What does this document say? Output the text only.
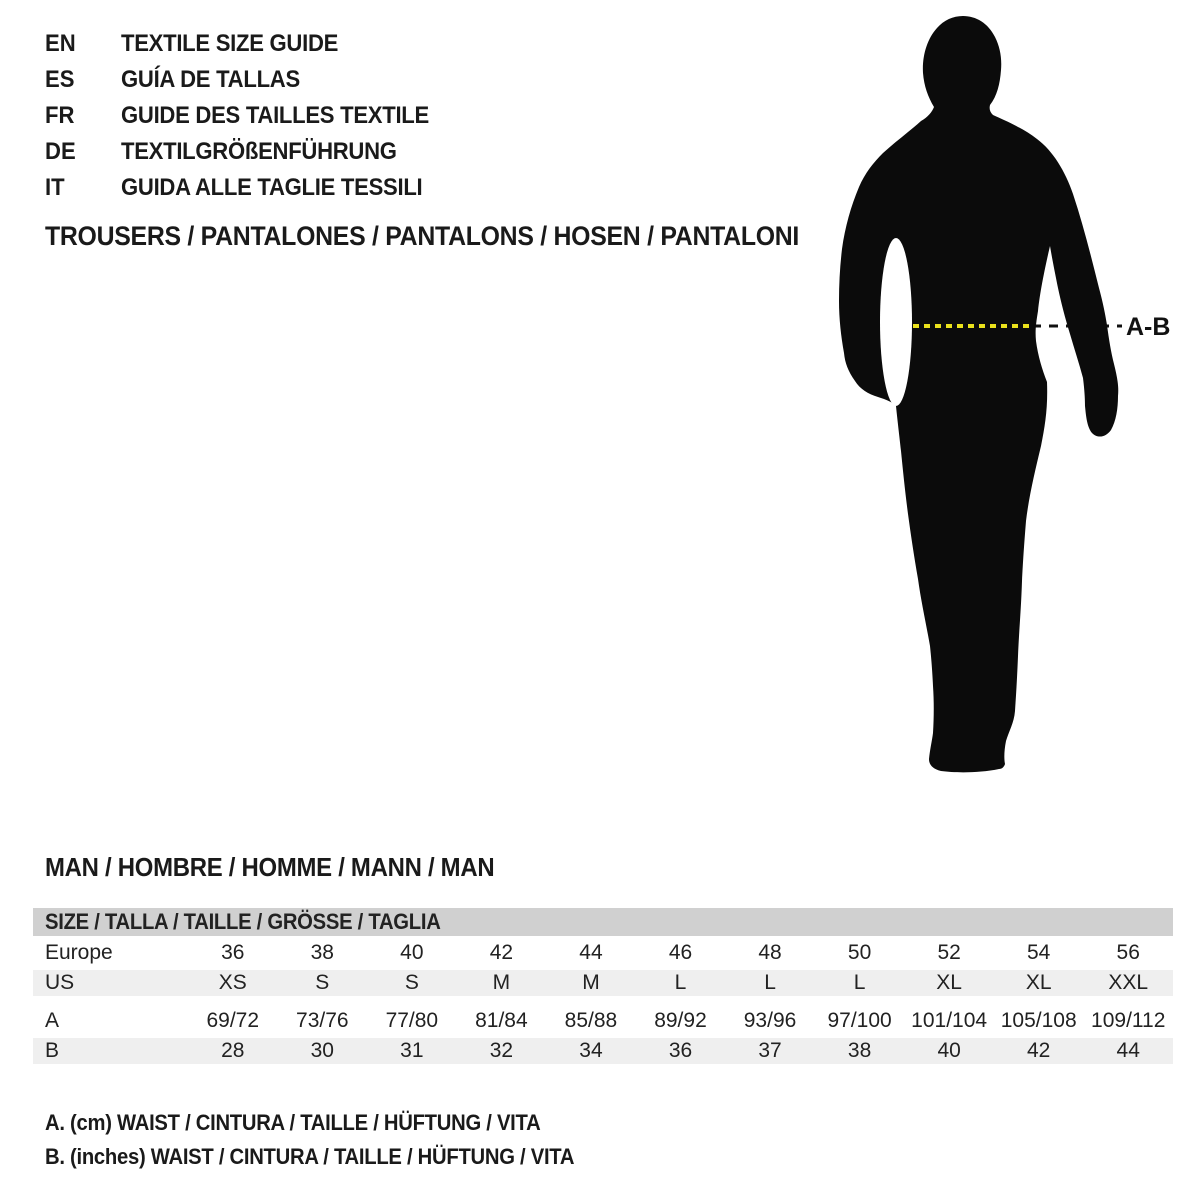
EN TEXTILE SIZE GUIDE
ES GUÍA DE TALLAS
FR GUIDE DES TAILLES TEXTILE
DE TEXTILGRÖßENFÜHRUNG
IT GUIDA ALLE TAGLIE TESSILI
TROUSERS / PANTALONES / PANTALONS / HOSEN / PANTALONI
A-B
MAN / HOMBRE / HOMME / MANN / MAN
SIZE / TALLA / TAILLE / GRÖSSE / TAGLIA
Europe	36	38	40	42	44	46	48	50	52	54	56
US	XS	S	S	M	M	L	L	L	XL	XL	XXL
A	69/72	73/76	77/80	81/84	85/88	89/92	93/96	97/100 101/104 105/108 109/112
B	28	30	31	32	34	36	37	38	40	42	44
A. (cm) WAIST / CINTURA / TAILLE / HÜFTUNG / VITA
B. (inches) WAIST / CINTURA / TAILLE / HÜFTUNG / VITA
